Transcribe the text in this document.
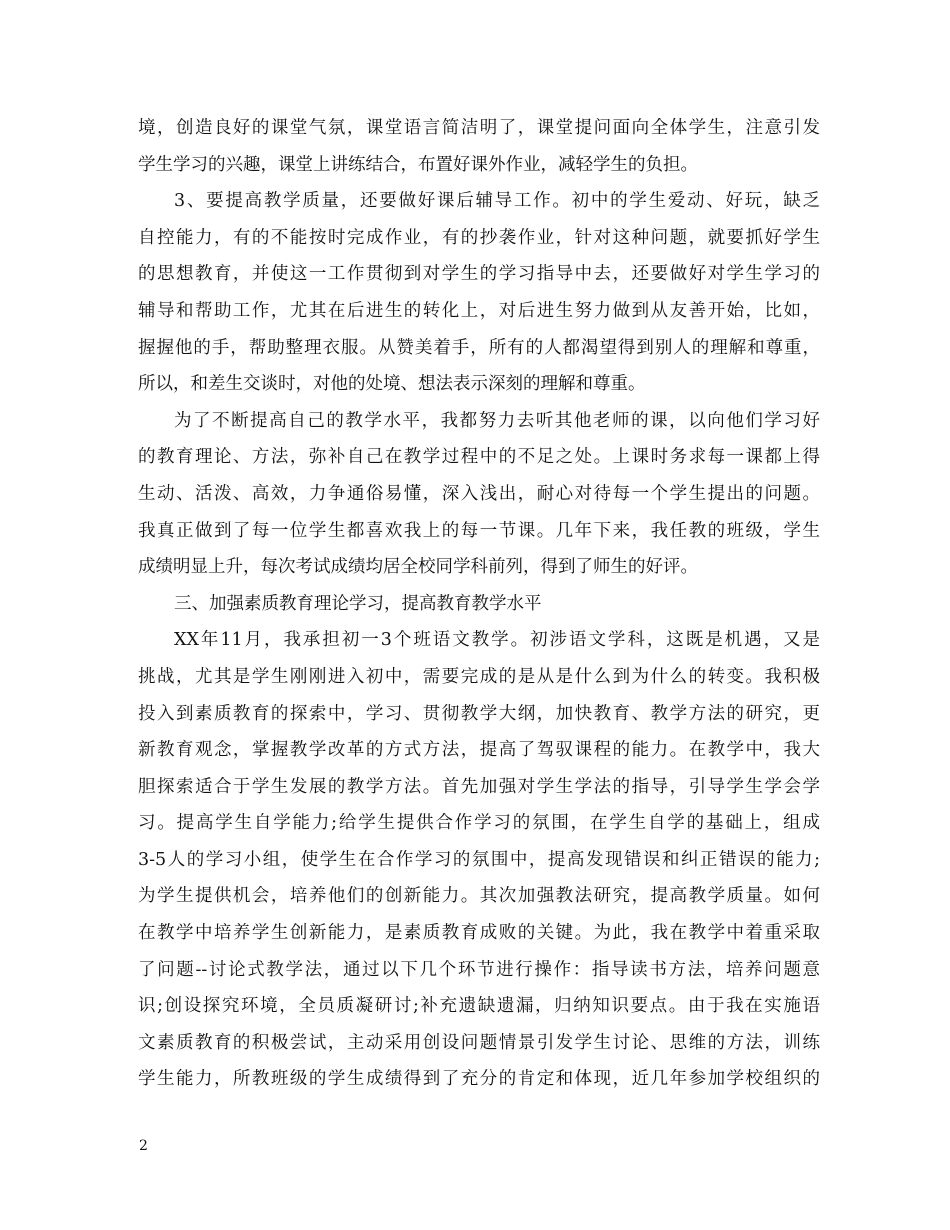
境，创造良好的课堂气氛，课堂语言简洁明了，课堂提问面向全体学生，注意引发
学生学习的兴趣，课堂上讲练结合，布置好课外作业，减轻学生的负担。
3、要提高教学质量，还要做好课后辅导工作。初中的学生爱动、好玩，缺乏
自控能力，有的不能按时完成作业，有的抄袭作业，针对这种问题，就要抓好学生
的思想教育，并使这一工作贯彻到对学生的学习指导中去，还要做好对学生学习的
辅导和帮助工作，尤其在后进生的转化上，对后进生努力做到从友善开始，比如，
握握他的手，帮助整理衣服。从赞美着手，所有的人都渴望得到别人的理解和尊重，
所以，和差生交谈时，对他的处境、想法表示深刻的理解和尊重。
为了不断提高自己的教学水平，我都努力去听其他老师的课，以向他们学习好
的教育理论、方法，弥补自己在教学过程中的不足之处。上课时务求每一课都上得
生动、活泼、高效，力争通俗易懂，深入浅出，耐心对待每一个学生提出的问题。
我真正做到了每一位学生都喜欢我上的每一节课。几年下来，我任教的班级，学生
成绩明显上升，每次考试成绩均居全校同学科前列，得到了师生的好评。
三、加强素质教育理论学习，提高教育教学水平
XX年11月，我承担初一3个班语文教学。初涉语文学科，这既是机遇，又是
挑战，尤其是学生刚刚进入初中，需要完成的是从是什么到为什么的转变。我积极
投入到素质教育的探索中，学习、贯彻教学大纲，加快教育、教学方法的研究，更
新教育观念，掌握教学改革的方式方法，提高了驾驭课程的能力。在教学中，我大
胆探索适合于学生发展的教学方法。首先加强对学生学法的指导，引导学生学会学
习。提高学生自学能力;给学生提供合作学习的氛围，在学生自学的基础上，组成
3-5人的学习小组，使学生在合作学习的氛围中，提高发现错误和纠正错误的能力;
为学生提供机会，培养他们的创新能力。其次加强教法研究，提高教学质量。如何
在教学中培养学生创新能力，是素质教育成败的关键。为此，我在教学中着重采取
了问题--讨论式教学法，通过以下几个环节进行操作：指导读书方法，培养问题意
识;创设探究环境，全员质凝研讨;补充遗缺遗漏，归纳知识要点。由于我在实施语
文素质教育的积极尝试，主动采用创设问题情景引发学生讨论、思维的方法，训练
学生能力，所教班级的学生成绩得到了充分的肯定和体现，近几年参加学校组织的
2
